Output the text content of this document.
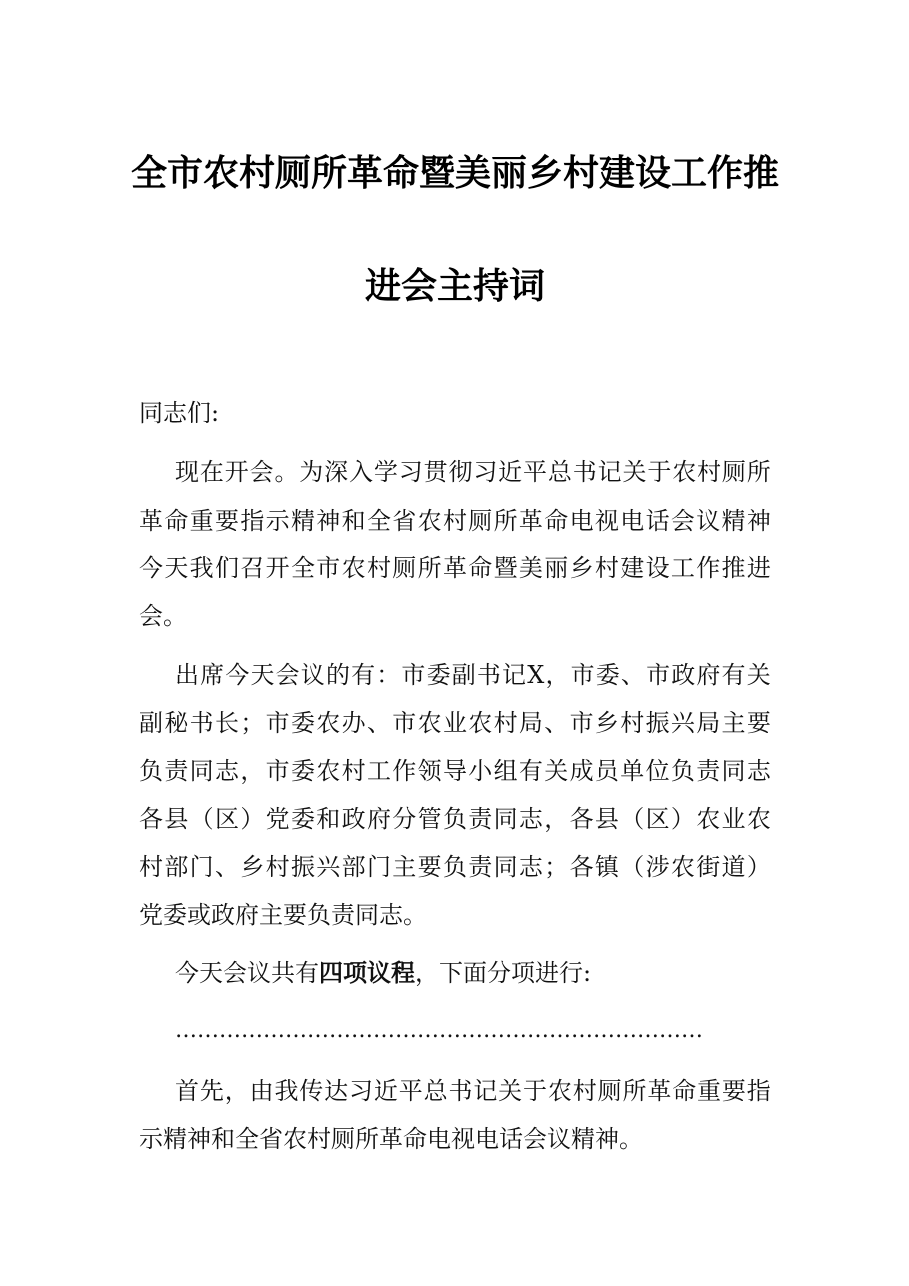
全市农村厕所革命暨美丽乡村建设工作推
进会主持词
同志们:
现 在 开 会 。 为 深 入 学 习 贯 彻 习 近 平 总 书 记 关 于 农 村 厕 所
革 命 重 要 指 示 精 神 和 全 省 农 村 厕 所 革 命 电 视 电 话 会 议 精 神
今 天 我 们 召 开 全 市 农 村 厕 所 革 命 暨 美 丽 乡 村 建 设 工 作 推 进
会。
出 席 今 天 会 议 的 有 ： 市 委 副 书 记 X ， 市 委 、 市 政 府 有 关
副 秘 书 长 ； 市 委 农 办 、 市 农 业 农 村 局 、 市 乡 村 振 兴 局 主 要
负 责 同 志 ， 市 委 农 村 工 作 领 导 小 组 有 关 成 员 单 位 负 责 同 志
各 县 （ 区 ） 党 委 和 政 府 分 管 负 责 同 志 ， 各 县 （ 区 ） 农 业 农
村 部 门 、 乡 村 振 兴 部 门 主 要 负 责 同 志 ； 各 镇 （ 涉 农 街 道 ）
党委或政府主要负责同志。
今天会议共有四项议程，下面分项进行:
………………………………………………………………
首 先 ， 由 我 传 达 习 近 平 总 书 记 关 于 农 村 厕 所 革 命 重 要 指
示精神和全省农村厕所革命电视电话会议精神。
